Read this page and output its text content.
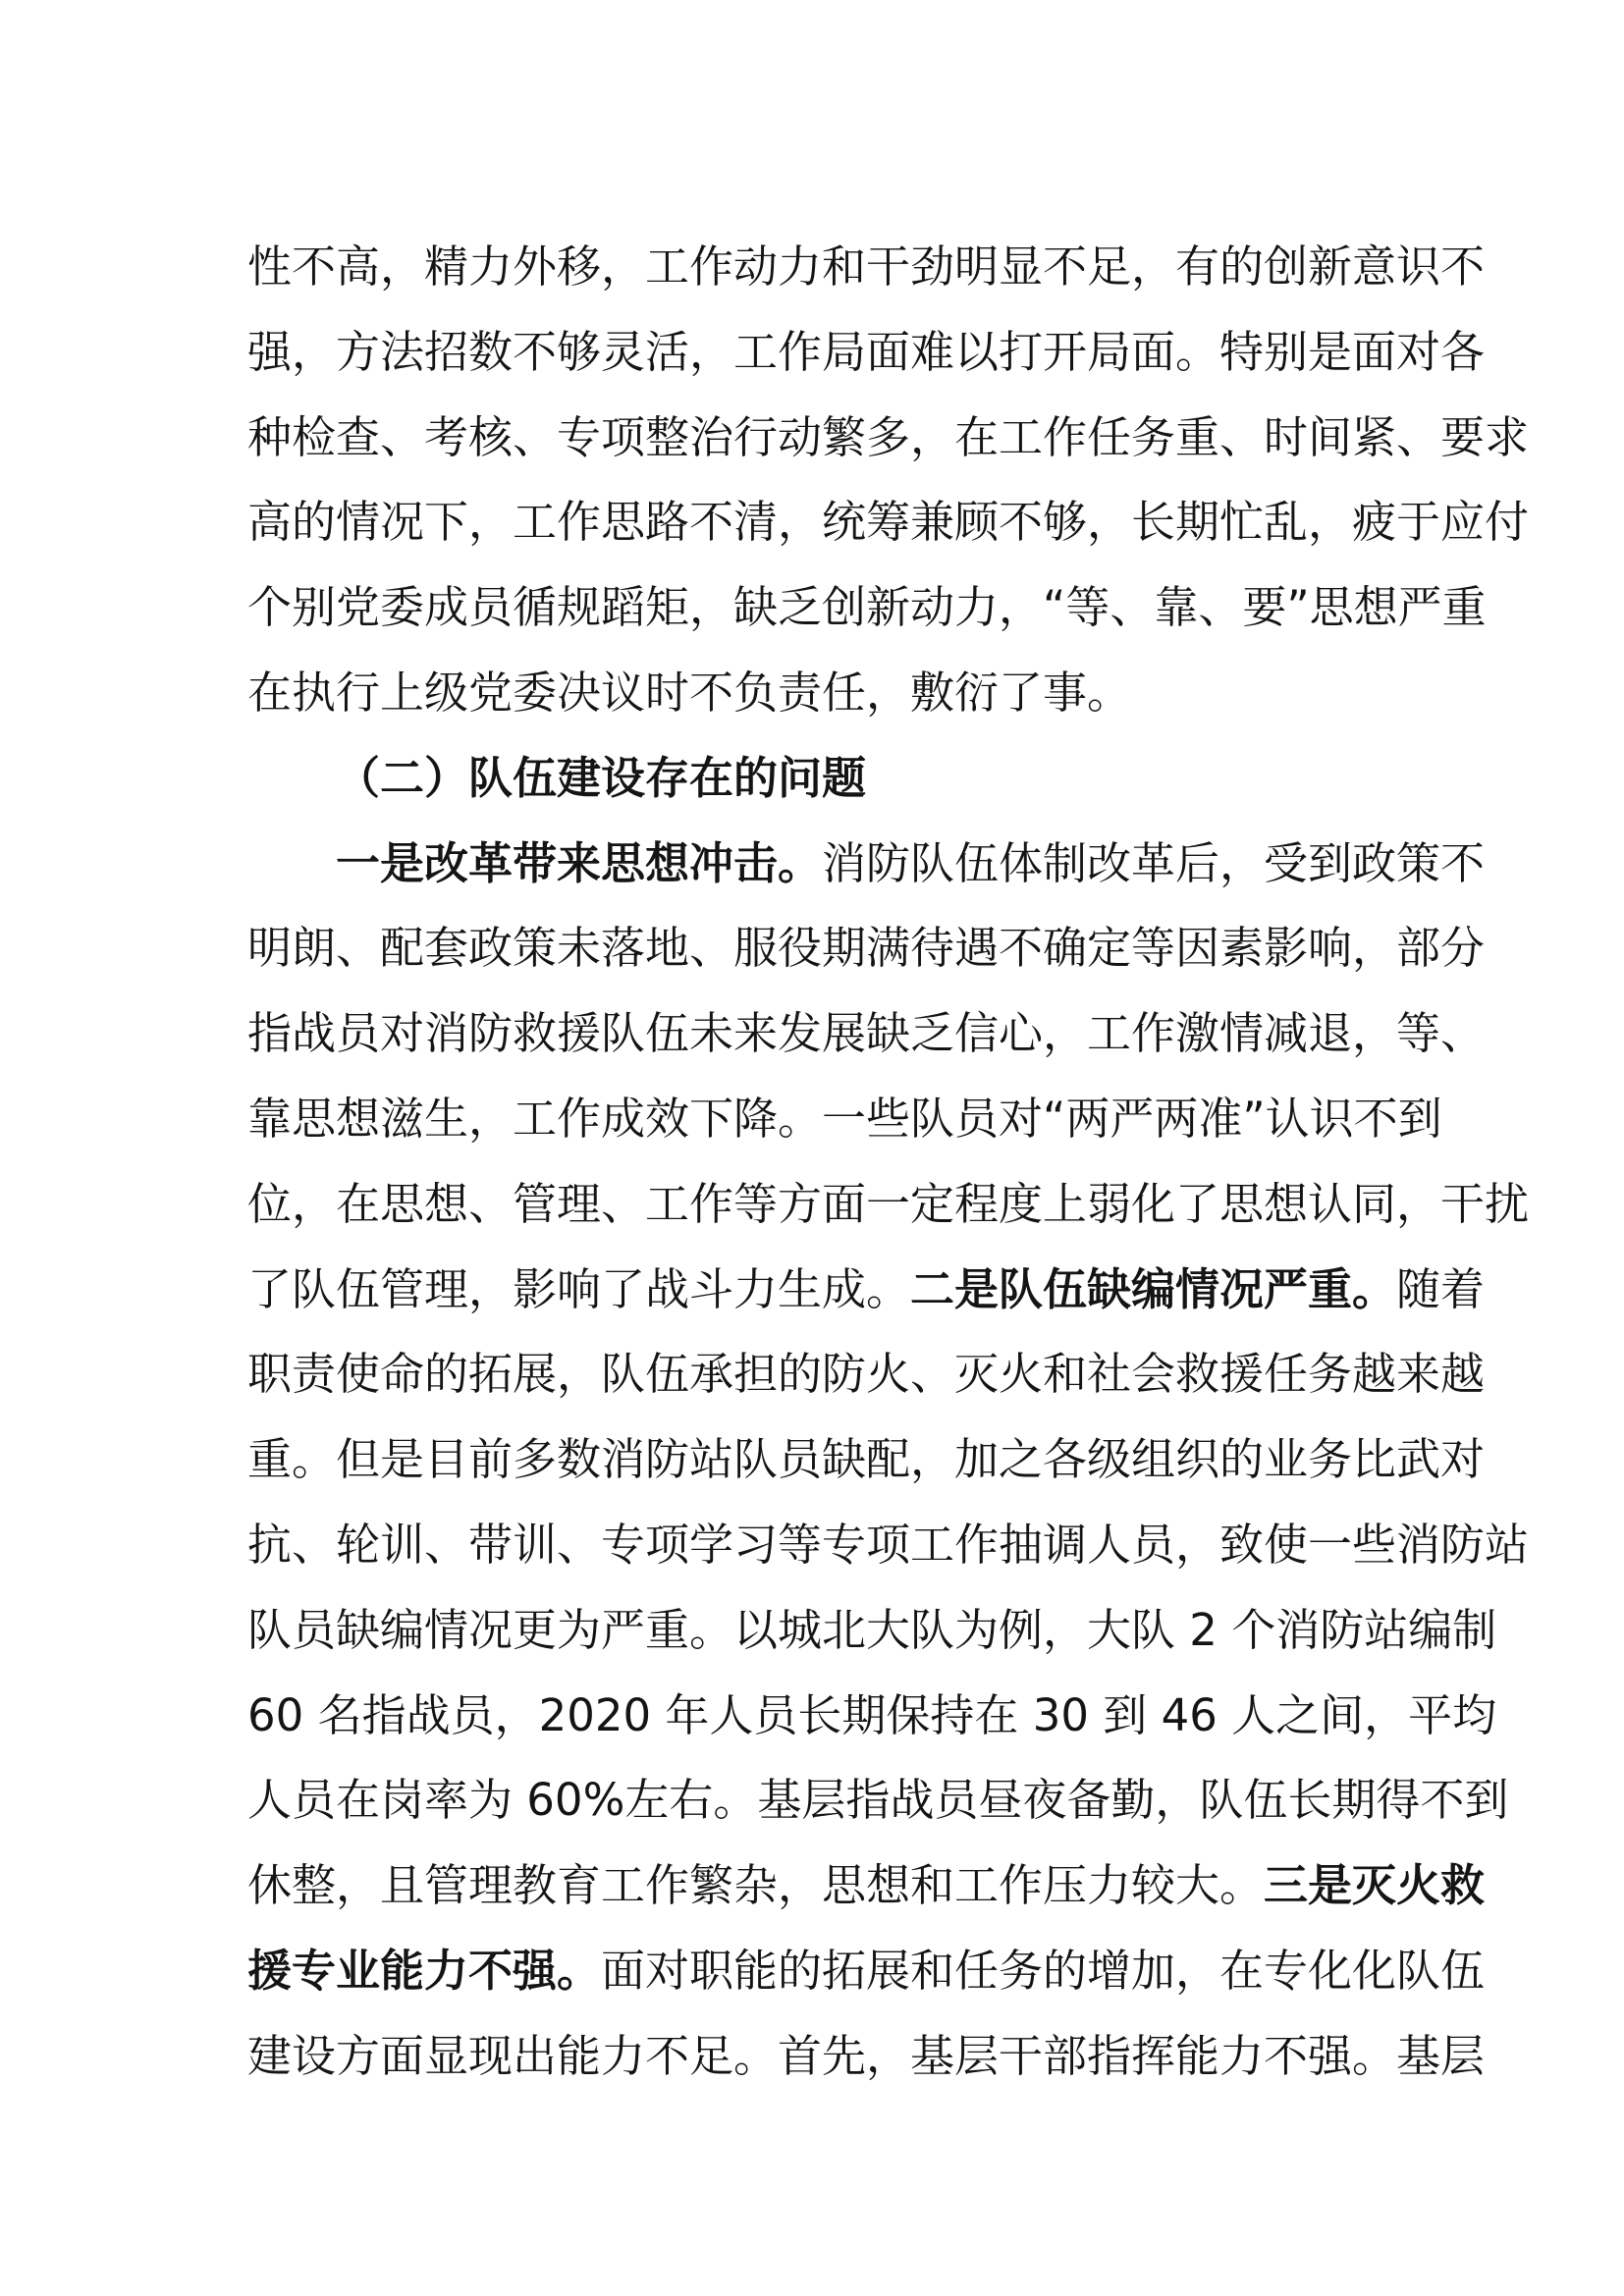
性不高，精力外移，工作动力和干劲明显不足，有的创新意识不
强，方法招数不够灵活，工作局面难以打开局面。特别是面对各
种检查、考核、专项整治行动繁多，在工作任务重、时间紧、要求
高的情况下，工作思路不清，统筹兼顾不够，长期忙乱，疲于应付
个别党委成员循规蹈矩，缺乏创新动力，“等、靠、要”思想严重
在执行上级党委决议时不负责任，敷衍了事。
（二）队伍建设存在的问题
一是改革带来思想冲击。消防队伍体制改革后，受到政策不
明朗、配套政策未落地、服役期满待遇不确定等因素影响，部分
指战员对消防救援队伍未来发展缺乏信心，工作激情减退，等、
靠思想滋生，工作成效下降。一些队员对“两严两准”认识不到
位，在思想、管理、工作等方面一定程度上弱化了思想认同，干扰
了队伍管理，影响了战斗力生成。二是队伍缺编情况严重。随着
职责使命的拓展，队伍承担的防火、灭火和社会救援任务越来越
重。但是目前多数消防站队员缺配，加之各级组织的业务比武对
抗、轮训、带训、专项学习等专项工作抽调人员，致使一些消防站
队员缺编情况更为严重。以城北大队为例，大队 2 个消防站编制
60 名指战员，2020 年人员长期保持在 30 到 46 人之间，平均
人员在岗率为 60%左右。基层指战员昼夜备勤，队伍长期得不到
休整，且管理教育工作繁杂，思想和工作压力较大。三是灭火救
援专业能力不强。面对职能的拓展和任务的增加，在专化化队伍
建设方面显现出能力不足。首先，基层干部指挥能力不强。基层
